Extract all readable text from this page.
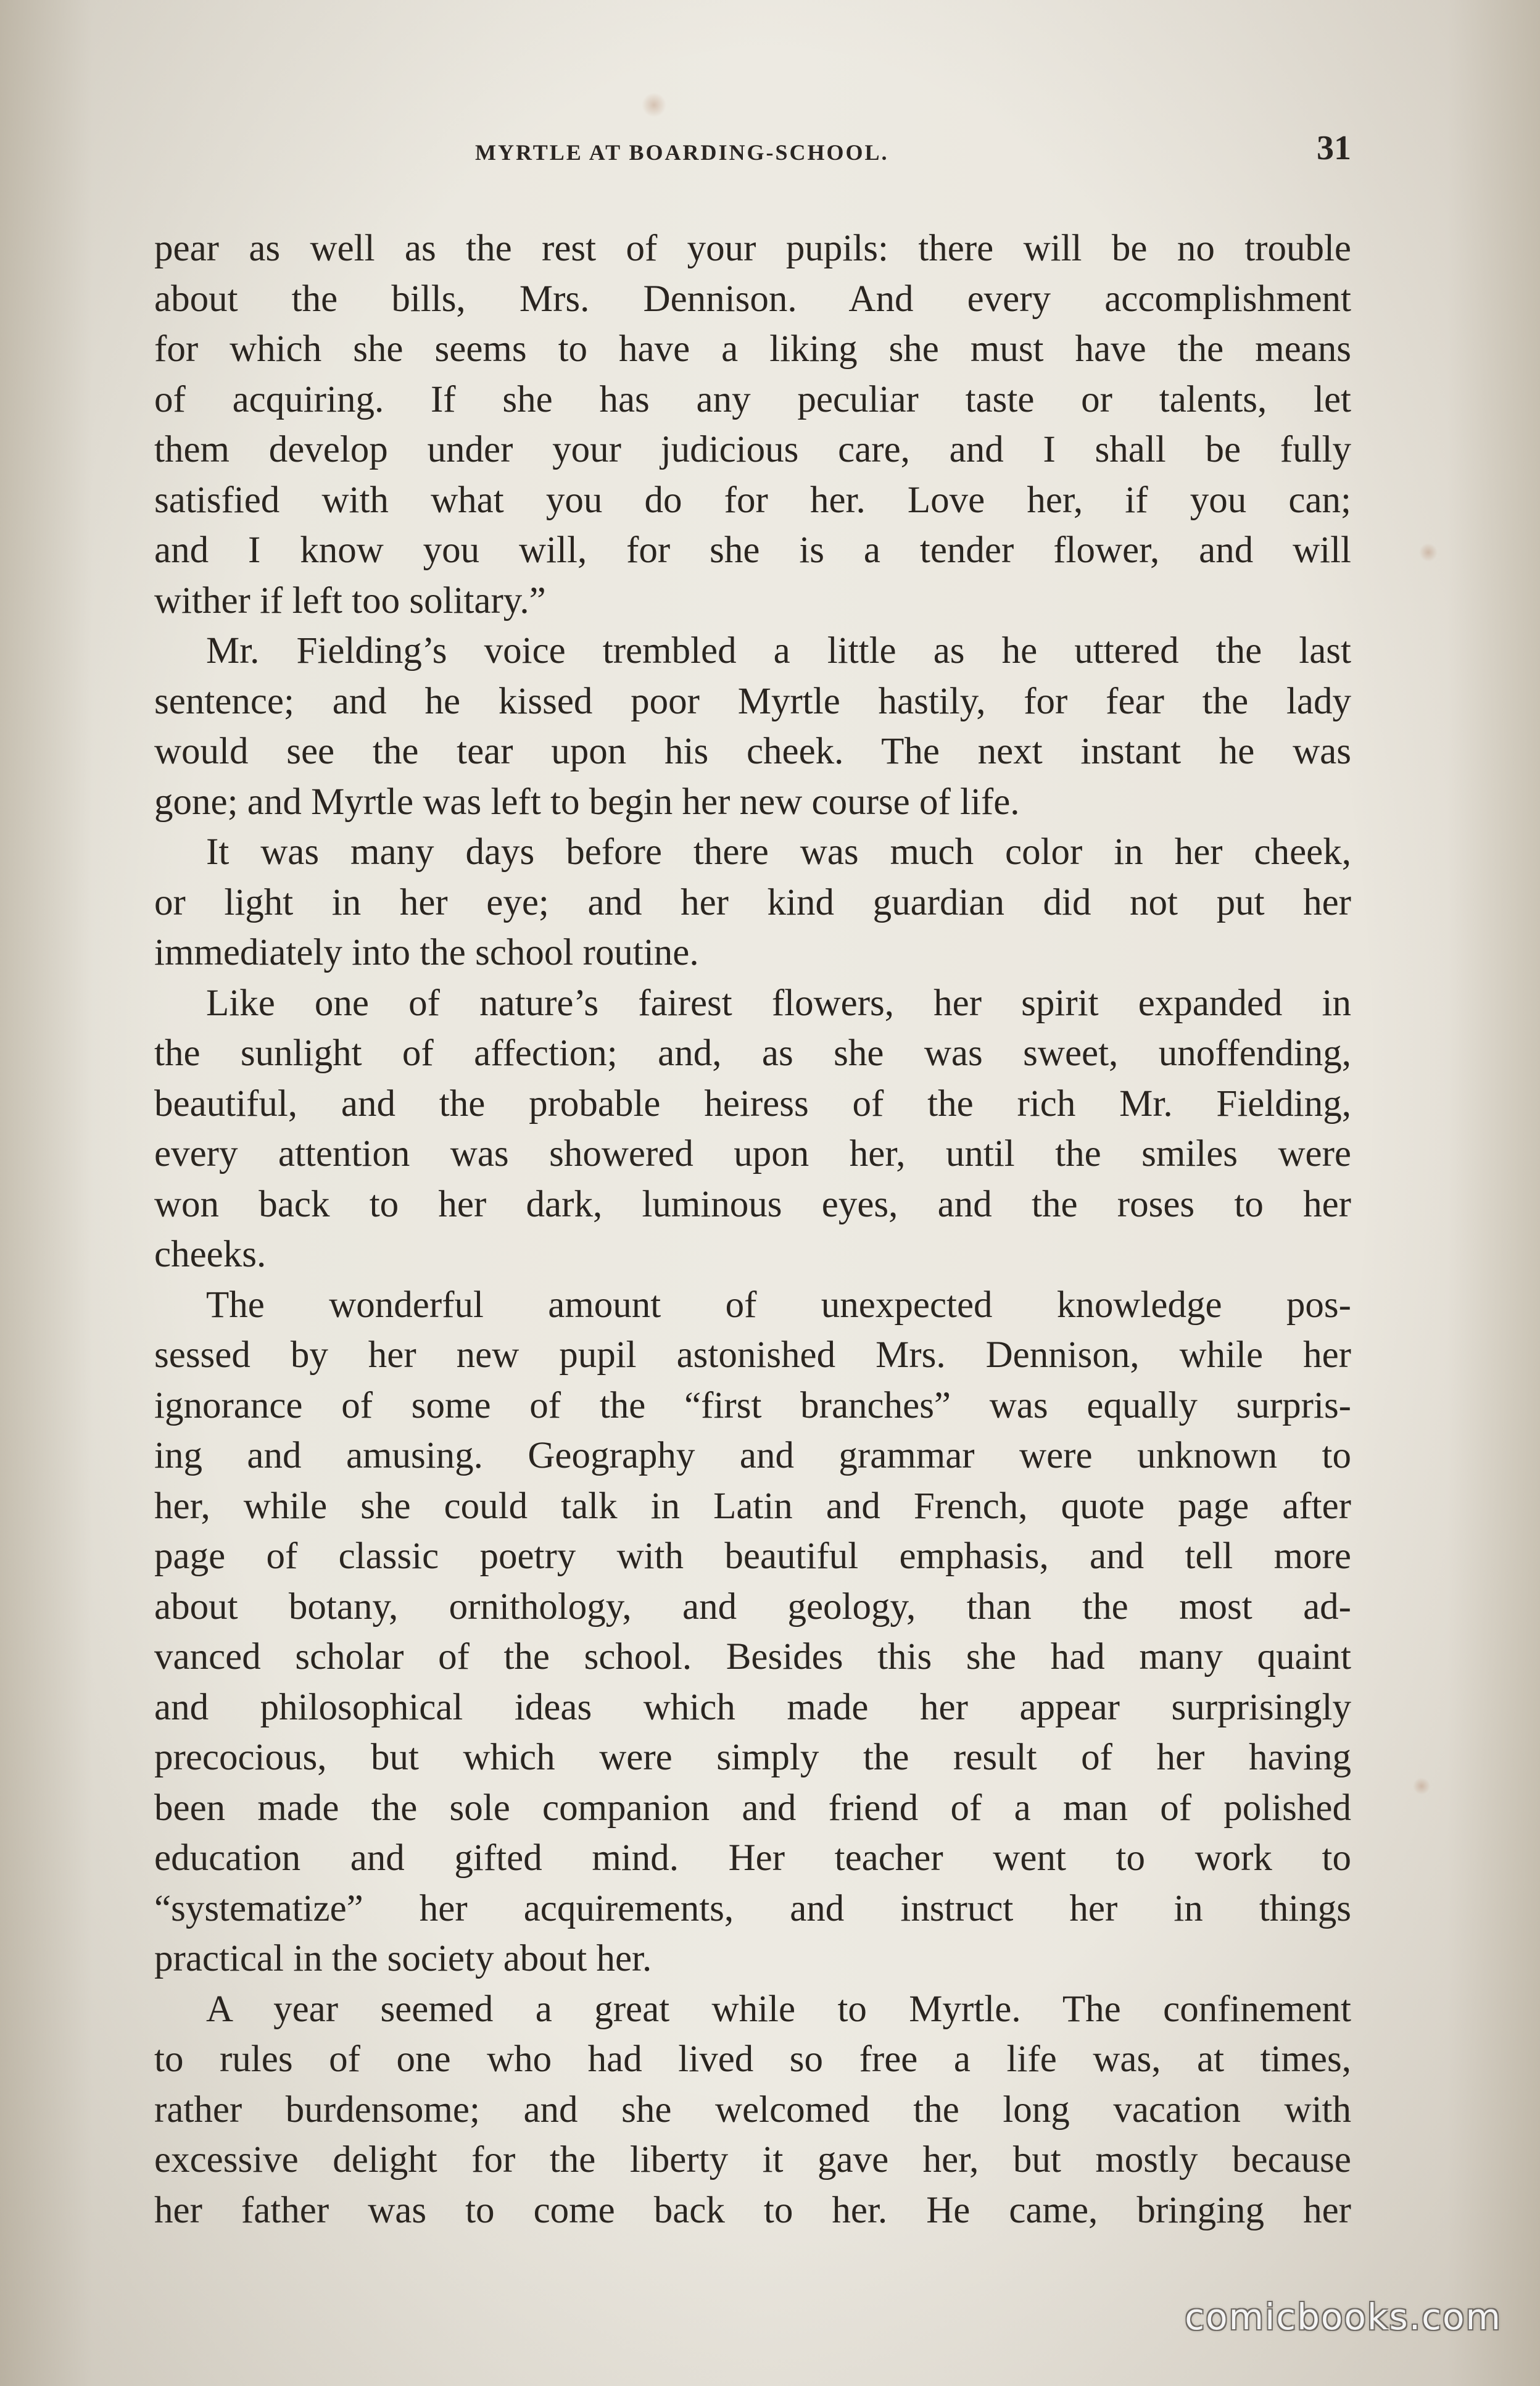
MYRTLE AT BOARDING-SCHOOL.	31
pear as well as the rest of your pupils: there will be no trouble
about the bills, Mrs. Dennison. And every accomplishment
for which she seems to have a liking she must have the means
of acquiring. If she has any peculiar taste or talents, let
them develop under your judicious care, and I shall be fully
satisfied with what you do for her. Love her, if you can;
and I know you will, for she is a tender flower, and will
wither if left too solitary.”
Mr. Fielding’s voice trembled a little as he uttered the last
sentence; and he kissed poor Myrtle hastily, for fear the lady
would see the tear upon his cheek. The next instant he was
gone; and Myrtle was left to begin her new course of life.
It was many days before there was much color in her cheek,
or light in her eye; and her kind guardian did not put her
immediately into the school routine.
Like one of nature’s fairest flowers, her spirit expanded in
the sunlight of affection; and, as she was sweet, unoffending,
beautiful, and the probable heiress of the rich Mr. Fielding,
every attention was showered upon her, until the smiles were
won back to her dark, luminous eyes, and the roses to her
cheeks.
The wonderful amount of unexpected knowledge pos-
sessed by her new pupil astonished Mrs. Dennison, while her
ignorance of some of the “first branches” was equally surpris-
ing and amusing. Geography and grammar were unknown to
her, while she could talk in Latin and French, quote page after
page of classic poetry with beautiful emphasis, and tell more
about botany, ornithology, and geology, than the most ad-
vanced scholar of the school. Besides this she had many quaint
and philosophical ideas which made her appear surprisingly
precocious, but which were simply the result of her having
been made the sole companion and friend of a man of polished
education and gifted mind. Her teacher went to work to
“systematize” her acquirements, and instruct her in things
practical in the society about her.
A year seemed a great while to Myrtle. The confinement
to rules of one who had lived so free a life was, at times,
rather burdensome; and she welcomed the long vacation with
excessive delight for the liberty it gave her, but mostly because
her father was to come back to her. He came, bringing her
comicbooks.com
